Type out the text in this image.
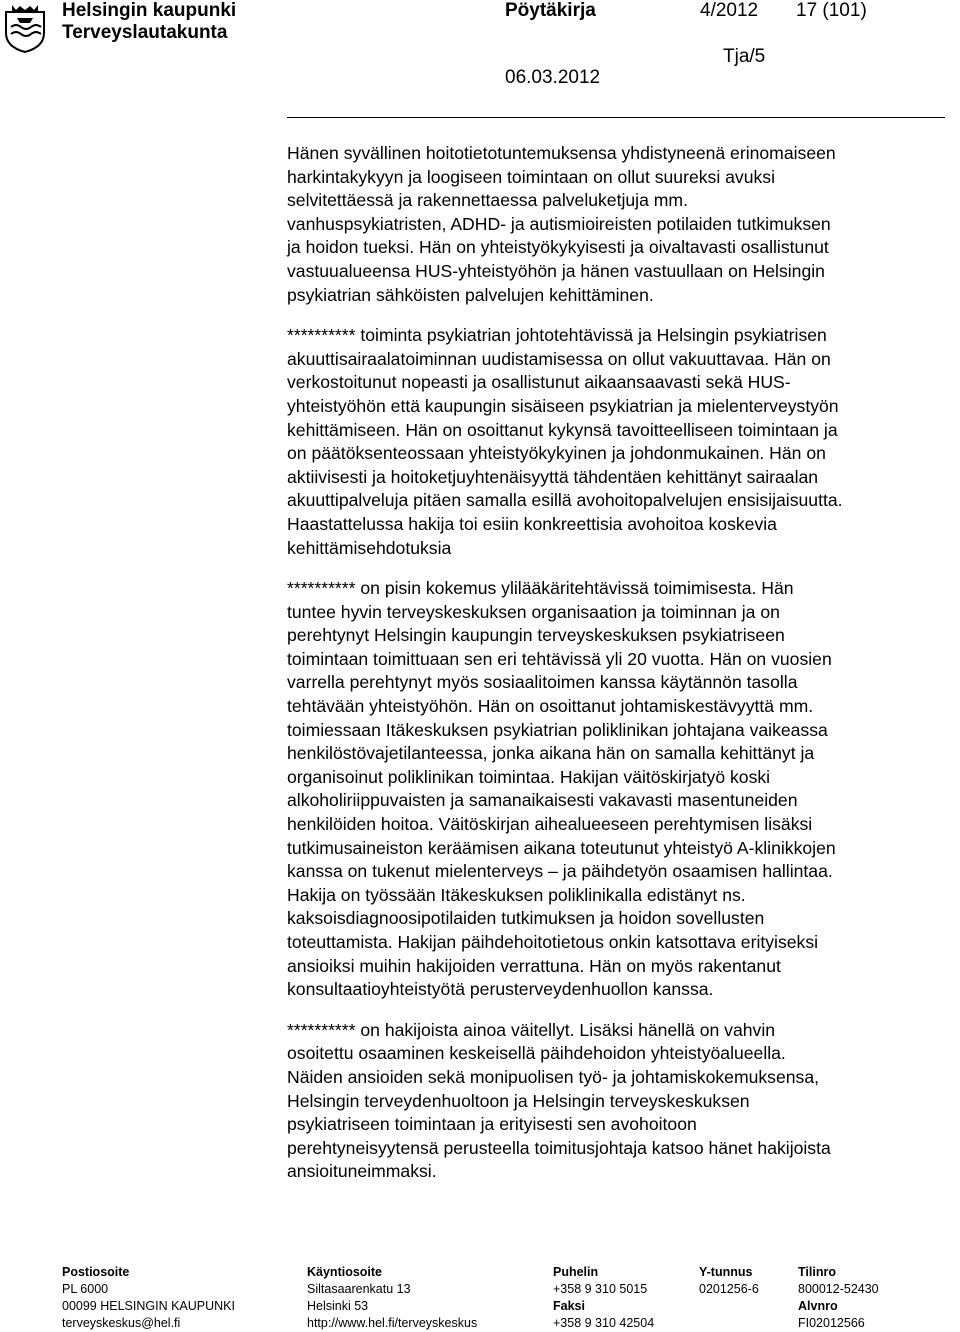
Helsingin kaupunki
Terveyslautakunta
Pöytäkirja	4/2012 17 (101)
Tja/5
06.03.2012

Hänen syvällinen hoitotietotuntemuksensa yhdistyneenä erinomaiseen
harkintakykyyn ja loogiseen toimintaan on ollut suureksi avuksi
selvitettäessä ja rakennettaessa palveluketjuja mm.
vanhuspsykiatristen, ADHD- ja autismioireisten potilaiden tutkimuksen
ja hoidon tueksi. Hän on yhteistyökykyisesti ja oivaltavasti osallistunut
vastuualueensa HUS-yhteistyöhön ja hänen vastuullaan on Helsingin
psykiatrian sähköisten palvelujen kehittäminen.

********** toiminta psykiatrian johtotehtävissä ja Helsingin psykiatrisen
akuuttisairaalatoiminnan uudistamisessa on ollut vakuuttavaa. Hän on
verkostoitunut nopeasti ja osallistunut aikaansaavasti sekä HUS-
yhteistyöhön että kaupungin sisäiseen psykiatrian ja mielenterveystyön
kehittämiseen. Hän on osoittanut kykynsä tavoitteelliseen toimintaan ja
on päätöksenteossaan yhteistyökykyinen ja johdonmukainen. Hän on
aktiivisesti ja hoitoketjuyhtenäisyyttä tähdentäen kehittänyt sairaalan
akuuttipalveluja pitäen samalla esillä avohoitopalvelujen ensisijaisuutta.
Haastattelussa hakija toi esiin konkreettisia avohoitoa koskevia
kehittämisehdotuksia

********** on pisin kokemus ylilääkäritehtävissä toimimisesta. Hän
tuntee hyvin terveyskeskuksen organisaation ja toiminnan ja on
perehtynyt Helsingin kaupungin terveyskeskuksen psykiatriseen
toimintaan toimittuaan sen eri tehtävissä yli 20 vuotta. Hän on vuosien
varrella perehtynyt myös sosiaalitoimen kanssa käytännön tasolla
tehtävään yhteistyöhön. Hän on osoittanut johtamiskestävyyttä mm.
toimiessaan Itäkeskuksen psykiatrian poliklinikan johtajana vaikeassa
henkilöstövajetilanteessa, jonka aikana hän on samalla kehittänyt ja
organisoinut poliklinikan toimintaa. Hakijan väitöskirjatyö koski
alkoholiriippuvaisten ja samanaikaisesti vakavasti masentuneiden
henkilöiden hoitoa. Väitöskirjan aihealueeseen perehtymisen lisäksi
tutkimusaineiston keräämisen aikana toteutunut yhteistyö A-klinikkojen
kanssa on tukenut mielenterveys – ja päihdetyön osaamisen hallintaa.
Hakija on työssään Itäkeskuksen poliklinikalla edistänyt ns.
kaksoisdiagnoosipotilaiden tutkimuksen ja hoidon sovellusten
toteuttamista. Hakijan päihdehoitotietous onkin katsottava erityiseksi
ansioiksi muihin hakijoiden verrattuna. Hän on myös rakentanut
konsultaatioyhteistyötä perusterveydenhuollon kanssa.

********** on hakijoista ainoa väitellyt. Lisäksi hänellä on vahvin
osoitettu osaaminen keskeisellä päihdehoidon yhteistyöalueella.
Näiden ansioiden sekä monipuolisen työ- ja johtamiskokemuksensa,
Helsingin terveydenhuoltoon ja Helsingin terveyskeskuksen
psykiatriseen toimintaan ja erityisesti sen avohoitoon
perehtyneisyytensä perusteella toimitusjohtaja katsoo hänet hakijoista
ansioituneimmaksi.

Postiosoite
PL 6000
00099 HELSINGIN KAUPUNKI
terveyskeskus@hel.fi
Käyntiosoite
Siltasaarenkatu 13
Helsinki 53
http://www.hel.fi/terveyskeskus
Puhelin
+358 9 310 5015
Faksi
+358 9 310 42504
Y-tunnus
0201256-6
Tilinro
800012-52430
Alvnro
FI02012566
